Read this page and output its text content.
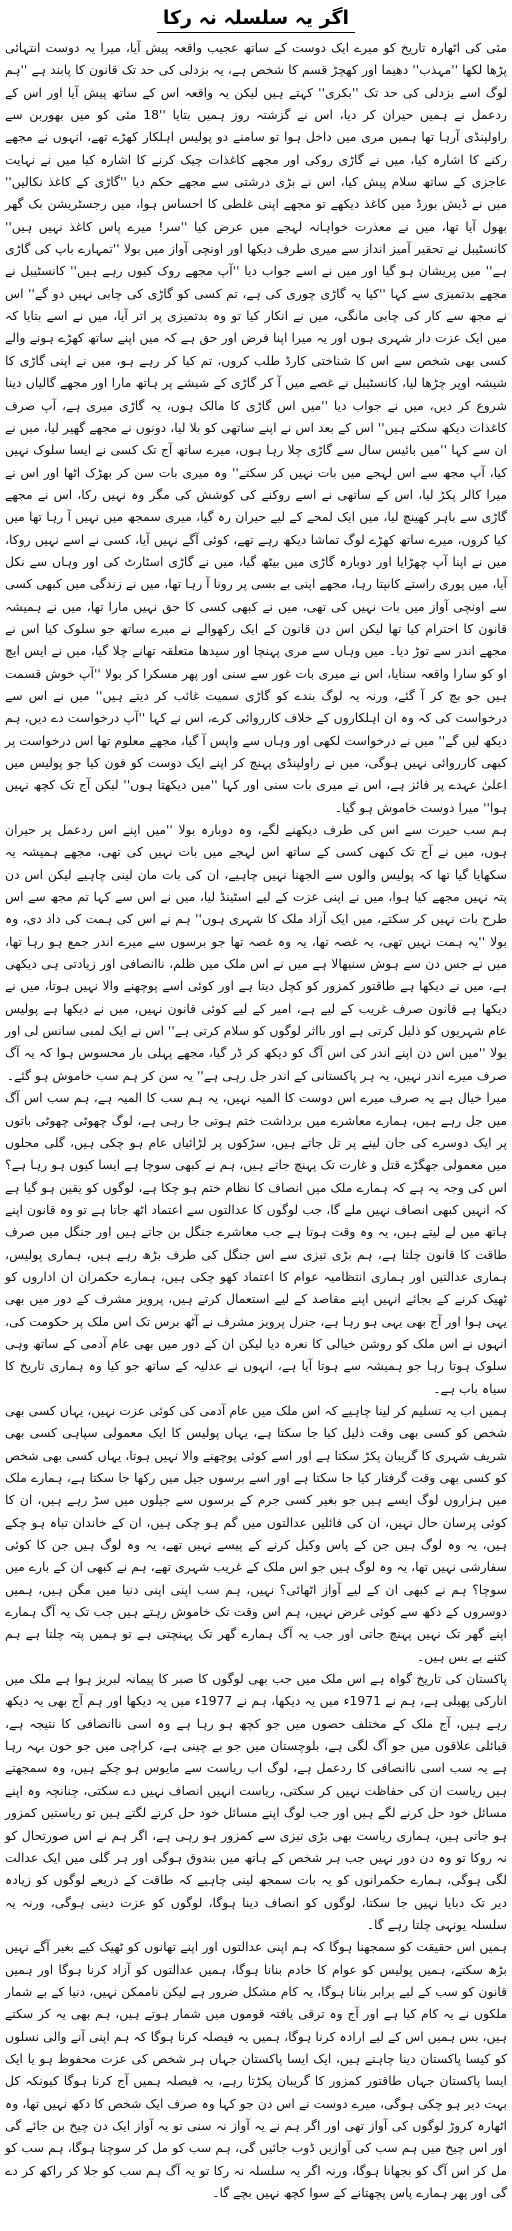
اگر یہ سلسلہ نہ رکا

مئی کی اٹھارہ تاریخ کو میرے ایک دوست کے ساتھ عجیب واقعہ پیش آیا، میرا یہ دوست انتہائی پڑھا لکھا ''مہذب'' دھیما اور کھچڑ قسم کا شخص ہے، یہ بزدلی کی حد تک قانون کا پابند ہے ''ہم لوگ اسے بزدلی کی حد تک ''بکری'' کہتے ہیں لیکن یہ واقعہ اس کے ساتھ پیش آیا اور اس کے ردعمل نے ہمیں حیران کر دیا، اس نے گزشتہ روز ہمیں بتایا ''18 مئی کو میں بھوربن سے راولپنڈی آرہا تھا ہمیں مری میں داخل ہوا تو سامنے دو پولیس اہلکار کھڑے تھے، انہوں نے مجھے رکنے کا اشارہ کیا، میں نے گاڑی روکی اور مجھے کاغذات چیک کرنے کا اشارہ کیا میں نے نہایت عاجزی کے ساتھ سلام پیش کیا، اس نے بڑی درشتی سے مجھے حکم دیا ''گاڑی کے کاغذ نکالیں'' میں نے ڈیش بورڈ میں کاغذ دیکھے تو مجھے اپنی غلطی کا احساس ہوا، میں رجسٹریشن بک گھر بھول آیا تھا، میں نے معذرت خواہانہ لہجے میں عرض کیا ''سر! میرے پاس کاغذ نہیں ہیں'' کانسٹیبل نے تحقیر آمیز انداز سے میری طرف دیکھا اور اونچی آواز میں بولا ''تمہارے باپ کی گاڑی ہے'' میں پریشان ہو گیا اور میں نے اسے جواب دیا ''آپ مجھے روک کیوں رہے ہیں'' کانسٹیبل نے مجھے بدتمیزی سے کہا ''کیا یہ گاڑی چوری کی ہے، تم کسی کو گاڑی کی چابی نہیں دو گے'' اس نے مجھ سے کار کی چابی مانگی، میں نے انکار کیا تو وہ بدتمیزی پر اتر آیا، میں نے اسے بتایا کہ میں ایک عزت دار شہری ہوں اور یہ میرا اپنا فرض اور حق ہے کہ میں اپنے ساتھ کھڑے ہونے والے کسی بھی شخص سے اس کا شناختی کارڈ طلب کروں، تم کیا کر رہے ہو، میں نے اپنی گاڑی کا شیشہ اوپر چڑھا لیا، کانسٹیبل نے غصے میں آ کر گاڑی کے شیشے پر ہاتھ مارا اور مجھے گالیاں دینا شروع کر دیں، میں نے جواب دیا ''میں اس گاڑی کا مالک ہوں، یہ گاڑی میری ہے، آپ صرف کاغذات دیکھ سکتے ہیں'' اس کے بعد اس نے اپنے ساتھی کو بلا لیا، دونوں نے مجھے گھیر لیا، میں نے ان سے کہا ''میں بائیس سال سے گاڑی چلا رہا ہوں، میرے ساتھ آج تک کسی نے ایسا سلوک نہیں کیا، آپ مجھ سے اس لہجے میں بات نہیں کر سکتے'' وہ میری بات سن کر بھڑک اٹھا اور اس نے میرا کالر پکڑ لیا، اس کے ساتھی نے اسے روکنے کی کوشش کی مگر وہ نہیں رکا، اس نے مجھے گاڑی سے باہر کھینچ لیا، میں ایک لمحے کے لیے حیران رہ گیا، میری سمجھ میں نہیں آ رہا تھا میں کیا کروں، میرے ساتھ کھڑے لوگ تماشا دیکھ رہے تھے، کوئی آگے نہیں آیا، کسی نے اسے نہیں روکا، میں نے اپنا آپ چھڑایا اور دوبارہ گاڑی میں بیٹھ گیا، میں نے گاڑی اسٹارٹ کی اور وہاں سے نکل آیا، میں پوری راستے کانپتا رہا، مجھے اپنی بے بسی پر رونا آ رہا تھا، میں نے زندگی میں کبھی کسی سے اونچی آواز میں بات نہیں کی تھی، میں نے کبھی کسی کا حق نہیں مارا تھا، میں نے ہمیشہ قانون کا احترام کیا تھا لیکن اس دن قانون کے ایک رکھوالے نے میرے ساتھ جو سلوک کیا اس نے مجھے اندر سے توڑ دیا۔ میں وہاں سے مری پہنچا اور سیدھا متعلقہ تھانے چلا گیا، میں نے ایس ایچ او کو سارا واقعہ سنایا، اس نے میری بات غور سے سنی اور پھر مسکرا کر بولا ''آپ خوش قسمت ہیں جو بچ کر آ گئے، ورنہ یہ لوگ بندے کو گاڑی سمیت غائب کر دیتے ہیں'' میں نے اس سے درخواست کی کہ وہ ان اہلکاروں کے خلاف کارروائی کرے، اس نے کہا ''آپ درخواست دے دیں، ہم دیکھ لیں گے'' میں نے درخواست لکھی اور وہاں سے واپس آ گیا، مجھے معلوم تھا اس درخواست پر کبھی کارروائی نہیں ہوگی، میں نے راولپنڈی پہنچ کر اپنے ایک دوست کو فون کیا جو پولیس میں اعلیٰ عہدے پر فائز ہے، اس نے میری بات سنی اور کہا ''میں دیکھتا ہوں'' لیکن آج تک کچھ نہیں ہوا'' میرا دوست خاموش ہو گیا۔

ہم سب حیرت سے اس کی طرف دیکھنے لگے، وہ دوبارہ بولا ''میں اپنے اس ردعمل پر حیران ہوں، میں نے آج تک کبھی کسی کے ساتھ اس لہجے میں بات نہیں کی تھی، مجھے ہمیشہ یہ سکھایا گیا تھا کہ پولیس والوں سے الجھنا نہیں چاہیے، ان کی بات مان لینی چاہیے لیکن اس دن پتہ نہیں مجھے کیا ہوا، میں نے اپنی عزت کے لیے اسٹینڈ لیا، میں نے اس سے کہا تم مجھ سے اس طرح بات نہیں کر سکتے، میں ایک آزاد ملک کا شہری ہوں'' ہم نے اس کی ہمت کی داد دی، وہ بولا ''یہ ہمت نہیں تھی، یہ غصہ تھا، یہ وہ غصہ تھا جو برسوں سے میرے اندر جمع ہو رہا تھا، میں نے جس دن سے ہوش سنبھالا ہے میں نے اس ملک میں ظلم، ناانصافی اور زیادتی ہی دیکھی ہے، میں نے دیکھا ہے طاقتور کمزور کو کچل دیتا ہے اور کوئی اسے پوچھنے والا نہیں ہوتا، میں نے دیکھا ہے قانون صرف غریب کے لیے ہے، امیر کے لیے کوئی قانون نہیں، میں نے دیکھا ہے پولیس عام شہریوں کو ذلیل کرتی ہے اور بااثر لوگوں کو سلام کرتی ہے'' اس نے ایک لمبی سانس لی اور بولا ''میں اس دن اپنے اندر کی اس آگ کو دیکھ کر ڈر گیا، مجھے پہلی بار محسوس ہوا کہ یہ آگ صرف میرے اندر نہیں، یہ ہر پاکستانی کے اندر جل رہی ہے'' یہ سن کر ہم سب خاموش ہو گئے۔

میرا خیال ہے یہ صرف میرے اس دوست کا المیہ نہیں، یہ ہم سب کا المیہ ہے، ہم سب اس آگ میں جل رہے ہیں، ہمارے معاشرے میں برداشت ختم ہوتی جا رہی ہے، لوگ چھوٹی چھوٹی باتوں پر ایک دوسرے کی جان لینے پر تل جاتے ہیں، سڑکوں پر لڑائیاں عام ہو چکی ہیں، گلی محلوں میں معمولی جھگڑے قتل و غارت تک پہنچ جاتے ہیں، ہم نے کبھی سوچا ہے ایسا کیوں ہو رہا ہے؟ اس کی وجہ یہ ہے کہ ہمارے ملک میں انصاف کا نظام ختم ہو چکا ہے، لوگوں کو یقین ہو گیا ہے کہ انہیں کبھی انصاف نہیں ملے گا، جب لوگوں کا عدالتوں سے اعتماد اٹھ جاتا ہے تو وہ قانون اپنے ہاتھ میں لے لیتے ہیں، یہ وہ وقت ہوتا ہے جب معاشرے جنگل بن جاتے ہیں اور جنگل میں صرف طاقت کا قانون چلتا ہے، ہم بڑی تیزی سے اس جنگل کی طرف بڑھ رہے ہیں، ہماری پولیس، ہماری عدالتیں اور ہماری انتظامیہ عوام کا اعتماد کھو چکی ہیں، ہمارے حکمران ان اداروں کو ٹھیک کرنے کے بجائے انہیں اپنے مقاصد کے لیے استعمال کرتے ہیں، پرویز مشرف کے دور میں بھی یہی ہوا اور آج بھی یہی ہو رہا ہے، جنرل پرویز مشرف نے آٹھ برس تک اس ملک پر حکومت کی، انہوں نے اس ملک کو روشن خیالی کا نعرہ دیا لیکن ان کے دور میں بھی عام آدمی کے ساتھ وہی سلوک ہوتا رہا جو ہمیشہ سے ہوتا آیا ہے، انہوں نے عدلیہ کے ساتھ جو کیا وہ ہماری تاریخ کا سیاہ باب ہے۔

ہمیں اب یہ تسلیم کر لینا چاہیے کہ اس ملک میں عام آدمی کی کوئی عزت نہیں، یہاں کسی بھی شخص کو کسی بھی وقت ذلیل کیا جا سکتا ہے، یہاں پولیس کا ایک معمولی سپاہی کسی بھی شریف شہری کا گریبان پکڑ سکتا ہے اور اسے کوئی پوچھنے والا نہیں ہوتا، یہاں کسی بھی شخص کو کسی بھی وقت گرفتار کیا جا سکتا ہے اور اسے برسوں جیل میں رکھا جا سکتا ہے، ہمارے ملک میں ہزاروں لوگ ایسے ہیں جو بغیر کسی جرم کے برسوں سے جیلوں میں سڑ رہے ہیں، ان کا کوئی پرسان حال نہیں، ان کی فائلیں عدالتوں میں گم ہو چکی ہیں، ان کے خاندان تباہ ہو چکے ہیں، یہ وہ لوگ ہیں جن کے پاس وکیل کرنے کے پیسے نہیں تھے، یہ وہ لوگ ہیں جن کا کوئی سفارشی نہیں تھا، یہ وہ لوگ ہیں جو اس ملک کے غریب شہری تھے، ہم نے کبھی ان کے بارے میں سوچا؟ ہم نے کبھی ان کے لیے آواز اٹھائی؟ نہیں، ہم سب اپنی اپنی دنیا میں مگن ہیں، ہمیں دوسروں کے دکھ سے کوئی غرض نہیں، ہم اس وقت تک خاموش رہتے ہیں جب تک یہ آگ ہمارے اپنے گھر تک نہیں پہنچ جاتی اور جب یہ آگ ہمارے گھر تک پہنچتی ہے تو ہمیں پتہ چلتا ہے ہم کتنے بے بس ہیں۔

پاکستان کی تاریخ گواہ ہے اس ملک میں جب بھی لوگوں کا صبر کا پیمانہ لبریز ہوا ہے ملک میں انارکی پھیلی ہے، ہم نے 1971ء میں یہ دیکھا، ہم نے 1977ء میں یہ دیکھا اور ہم آج بھی یہ دیکھ رہے ہیں، آج ملک کے مختلف حصوں میں جو کچھ ہو رہا ہے وہ اسی ناانصافی کا نتیجہ ہے، قبائلی علاقوں میں جو آگ لگی ہے، بلوچستان میں جو بے چینی ہے، کراچی میں جو خون بہہ رہا ہے یہ سب اسی ناانصافی کا ردعمل ہے، لوگ اب ریاست سے مایوس ہو چکے ہیں، وہ سمجھتے ہیں ریاست ان کی حفاظت نہیں کر سکتی، ریاست انہیں انصاف نہیں دے سکتی، چنانچہ وہ اپنے مسائل خود حل کرنے لگے ہیں اور جب لوگ اپنے مسائل خود حل کرنے لگتے ہیں تو ریاستیں کمزور ہو جاتی ہیں، ہماری ریاست بھی بڑی تیزی سے کمزور ہو رہی ہے، اگر ہم نے اس صورتحال کو نہ روکا تو وہ دن دور نہیں جب ہر شخص کے ہاتھ میں بندوق ہوگی اور ہر گلی میں ایک عدالت لگی ہوگی، ہمارے حکمرانوں کو یہ بات سمجھ لینی چاہیے کہ طاقت کے ذریعے لوگوں کو زیادہ دیر تک دبایا نہیں جا سکتا، لوگوں کو انصاف دینا ہوگا، لوگوں کو عزت دینی ہوگی، ورنہ یہ سلسلہ یونہی چلتا رہے گا۔

ہمیں اس حقیقت کو سمجھنا ہوگا کہ ہم اپنی عدالتوں اور اپنے تھانوں کو ٹھیک کیے بغیر آگے نہیں بڑھ سکتے، ہمیں پولیس کو عوام کا خادم بنانا ہوگا، ہمیں عدالتوں کو آزاد کرنا ہوگا اور ہمیں قانون کو سب کے لیے برابر بنانا ہوگا، یہ کام مشکل ضرور ہے لیکن ناممکن نہیں، دنیا کے بے شمار ملکوں نے یہ کام کیا ہے اور آج وہ ترقی یافتہ قوموں میں شمار ہوتے ہیں، ہم بھی یہ کر سکتے ہیں، بس ہمیں اس کے لیے ارادہ کرنا ہوگا، ہمیں یہ فیصلہ کرنا ہوگا کہ ہم اپنی آنے والی نسلوں کو کیسا پاکستان دینا چاہتے ہیں، ایک ایسا پاکستان جہاں ہر شخص کی عزت محفوظ ہو یا ایک ایسا پاکستان جہاں طاقتور کمزور کا گریبان پکڑتا رہے، یہ فیصلہ ہمیں آج کرنا ہوگا کیونکہ کل بہت دیر ہو چکی ہوگی، میرے دوست نے اس دن جو کہا وہ صرف ایک شخص کا دکھ نہیں تھا، وہ اٹھارہ کروڑ لوگوں کی آواز تھی اور اگر ہم نے یہ آواز نہ سنی تو یہ آواز ایک دن چیخ بن جائے گی اور اس چیخ میں ہم سب کی آوازیں ڈوب جائیں گی، ہم سب کو مل کر سوچنا ہوگا، ہم سب کو مل کر اس آگ کو بجھانا ہوگا، ورنہ اگر یہ سلسلہ نہ رکا تو یہ آگ ہم سب کو جلا کر راکھ کر دے گی اور پھر ہمارے پاس پچھتانے کے سوا کچھ نہیں بچے گا۔
